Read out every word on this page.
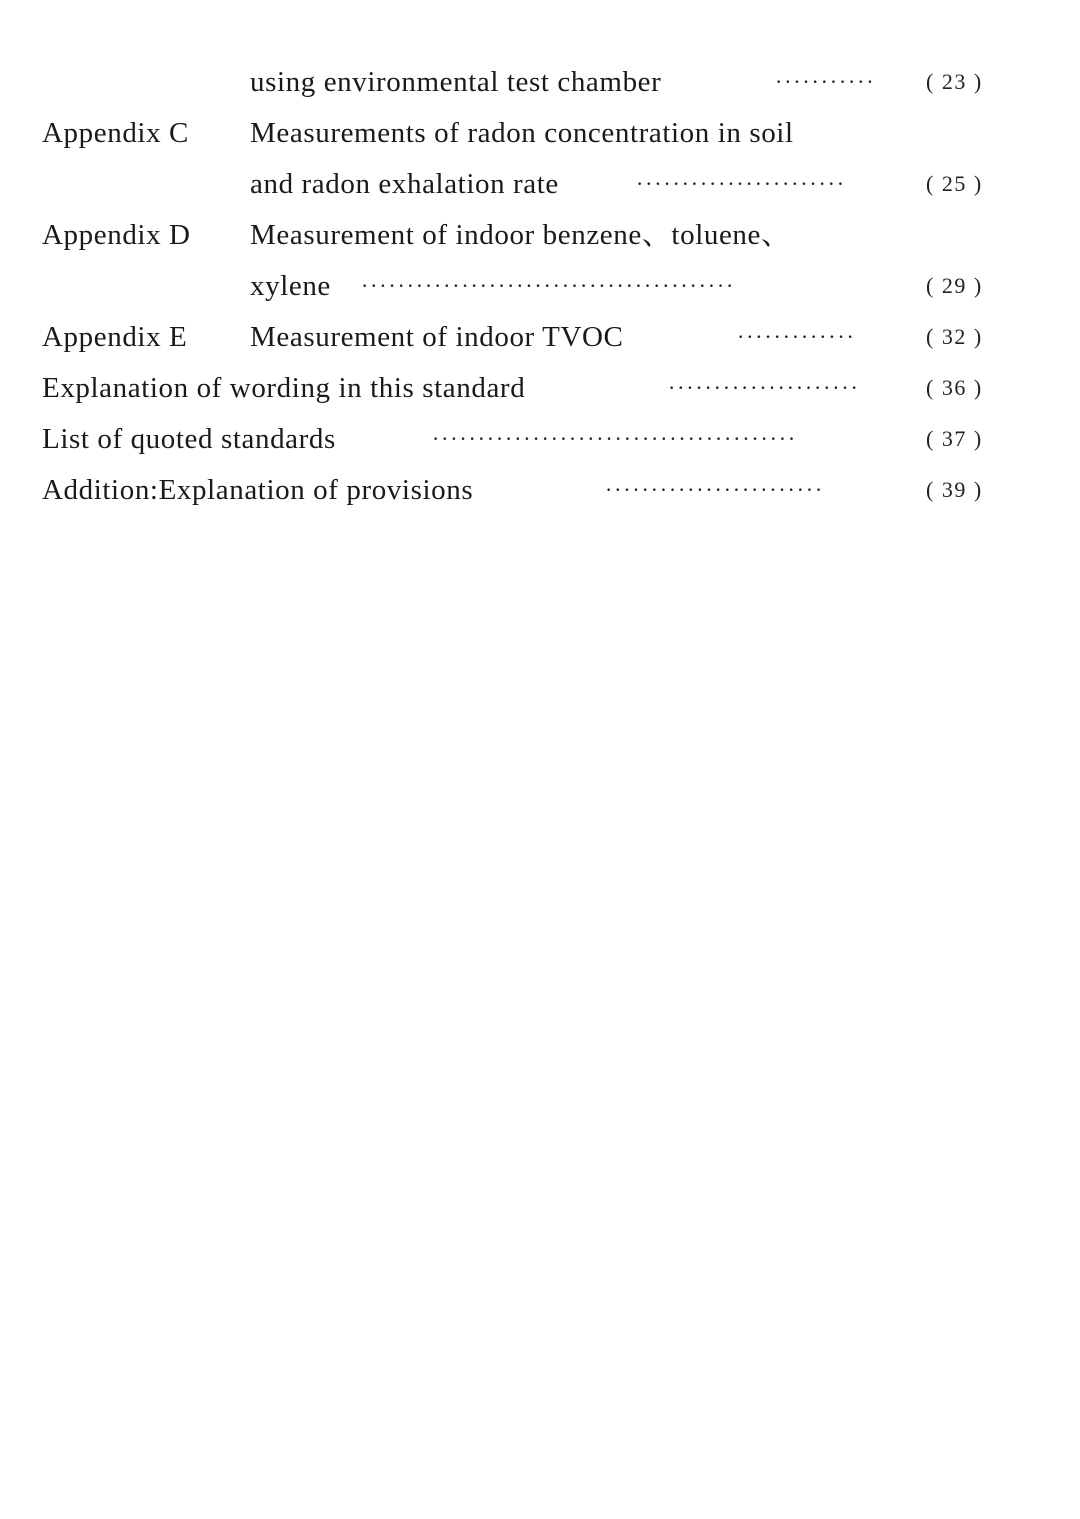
using environmental test chamber	··········· ( 23 )
Appendix C Measurements of radon concentration in soil
and radon exhalation rate	·······················	( 25 )
Appendix D Measurement of indoor benzene、toluene、
xylene ·········································	( 29 )
Appendix E Measurement of indoor TVOC	·············	( 32 )
Explanation of wording in this standard	·····················	( 36 )
List of quoted standards	········································	( 37 )
Addition:Explanation of provisions	························	( 39 )
